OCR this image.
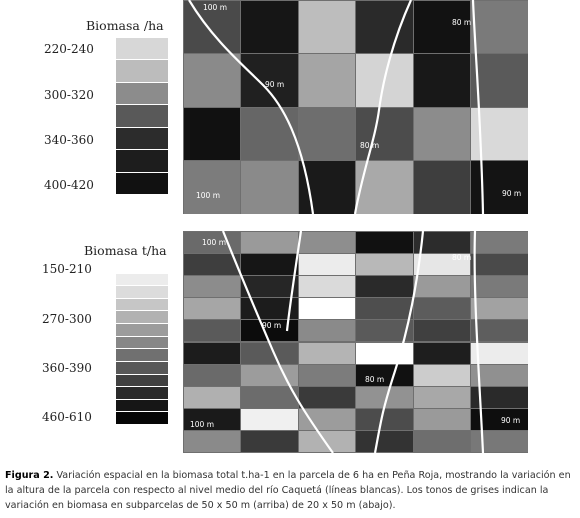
Biomasa /ha
220-240
300-320
340-360
400-420
100 m
80 m
90 m
80 m
100 m	90 m
Biomasa t/ha
150-210
270-300
360-390
460-610
100 m
80 m
90 m
80 m
100 m	90 m
Figura 2. Variación espacial en la biomasa total t.ha-1 en la parcela de 6 ha en Peña Roja, mostrando la variación en la altura de la parcela con respecto al nivel medio del río Caquetá (líneas blancas). Los tonos de grises indican la variación en biomasa en subparcelas de 50 x 50 m (arriba) de 20 x 50 m (abajo).
